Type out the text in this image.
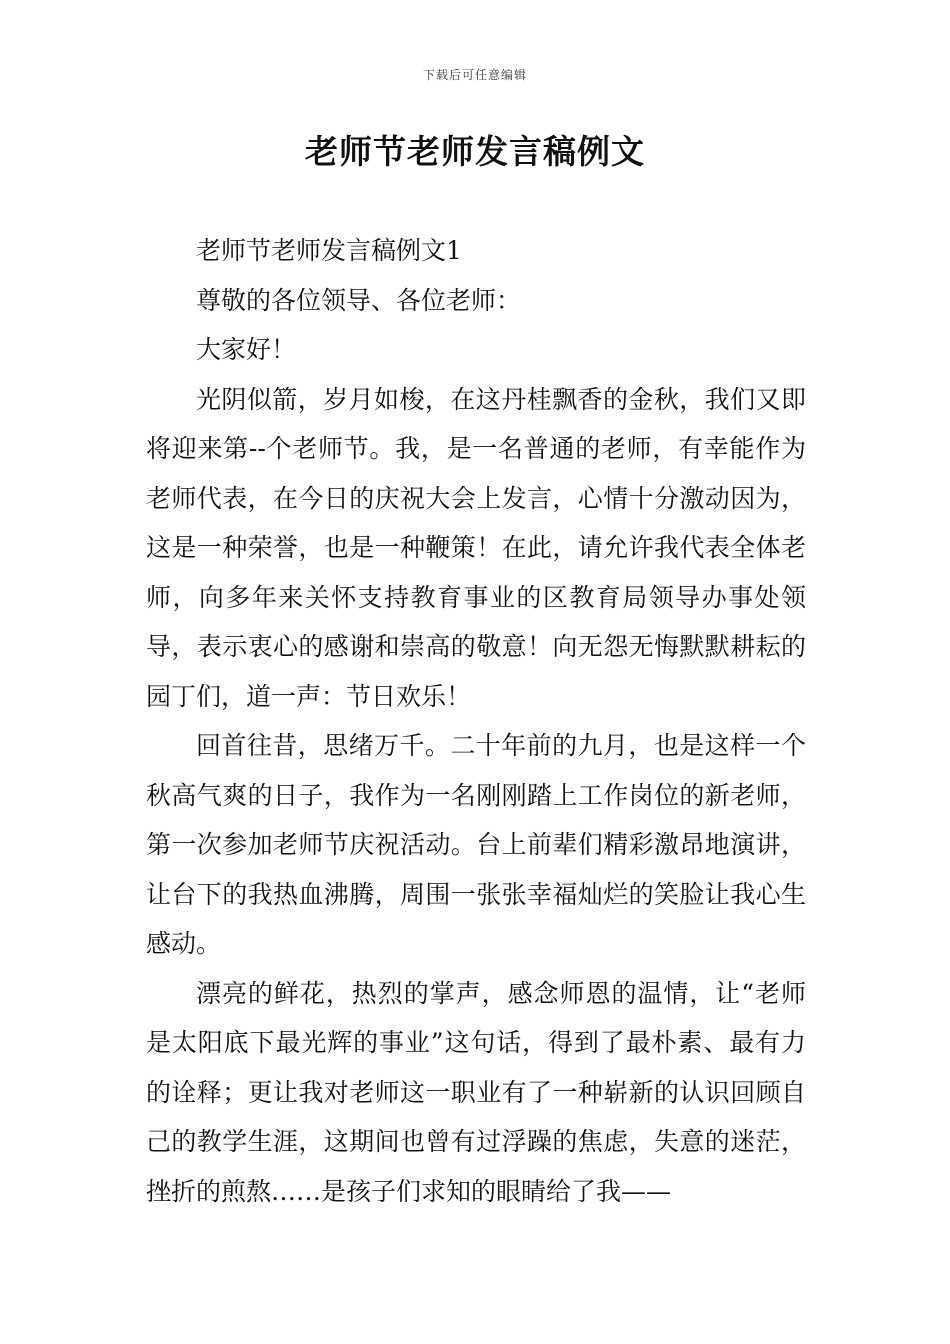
下载后可任意编辑
老师节老师发言稿例文

老师节老师发言稿例文1

尊敬的各位领导、各位老师：

大家好！

光阴似箭，岁月如梭，在这丹桂飘香的金秋，我们又即将迎来第--个老师节。我，是一名普通的老师，有幸能作为老师代表，在今日的庆祝大会上发言，心情十分激动因为，这是一种荣誉，也是一种鞭策！在此，请允许我代表全体老师，向多年来关怀支持教育事业的区教育局领导办事处领导，表示衷心的感谢和崇高的敬意！向无怨无悔默默耕耘的园丁们，道一声：节日欢乐！

回首往昔，思绪万千。二十年前的九月，也是这样一个秋高气爽的日子，我作为一名刚刚踏上工作岗位的新老师，第一次参加老师节庆祝活动。台上前辈们精彩激昂地演讲，让台下的我热血沸腾，周围一张张幸福灿烂的笑脸让我心生感动。

漂亮的鲜花，热烈的掌声，感念师恩的温情，让“老师是太阳底下最光辉的事业”这句话，得到了最朴素、最有力的诠释；更让我对老师这一职业有了一种崭新的认识回顾自己的教学生涯，这期间也曾有过浮躁的焦虑，失意的迷茫，挫折的煎熬……是孩子们求知的眼睛给了我——
